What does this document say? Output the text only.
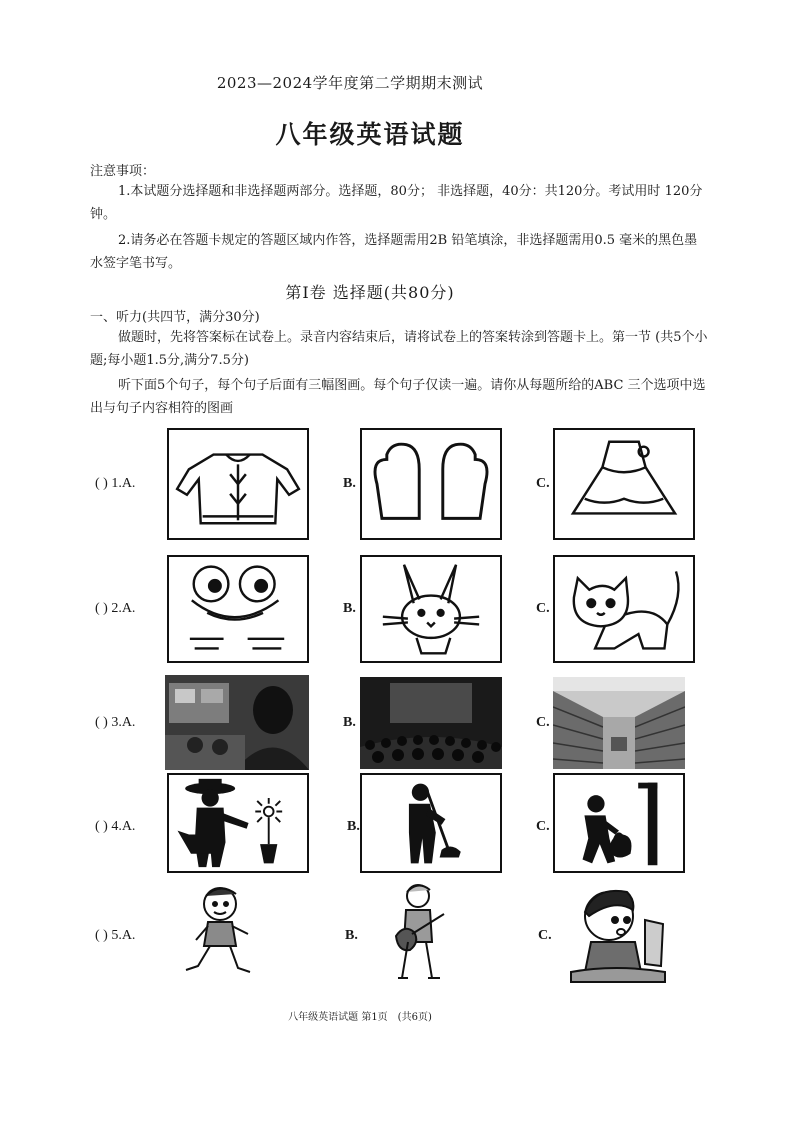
2023—2024学年度第二学期期末测试
八年级英语试题
注意事项：
1.本试题分选择题和非选择题两部分。选择题，80分； 非选择题，40分：共120分。考试用时 120分钟。
2.请务必在答题卡规定的答题区域内作答，选择题需用2B 铅笔填涂，非选择题需用0.5 毫米的黑色墨水签字笔书写。
第Ⅰ卷 选择题(共80分)
一、听力(共四节，满分30分)
做题时，先将答案标在试卷上。录音内容结束后，请将试卷上的答案转涂到答题卡上。第一节 (共5个小题;每小题1.5分,满分7.5分)
听下面5个句子，每个句子后面有三幅图画。每个句子仅读一遍。请你从每题所给的ABC 三个选项中选出与句子内容相符的图画
( ) 1.A.	B.	C.
( ) 2.A.	B.	C.
( ) 3.A.	B.	C.
( ) 4.A.	B.	C.
( ) 5.A.	B.	C.
八年级英语试题 第1页　(共6页)
